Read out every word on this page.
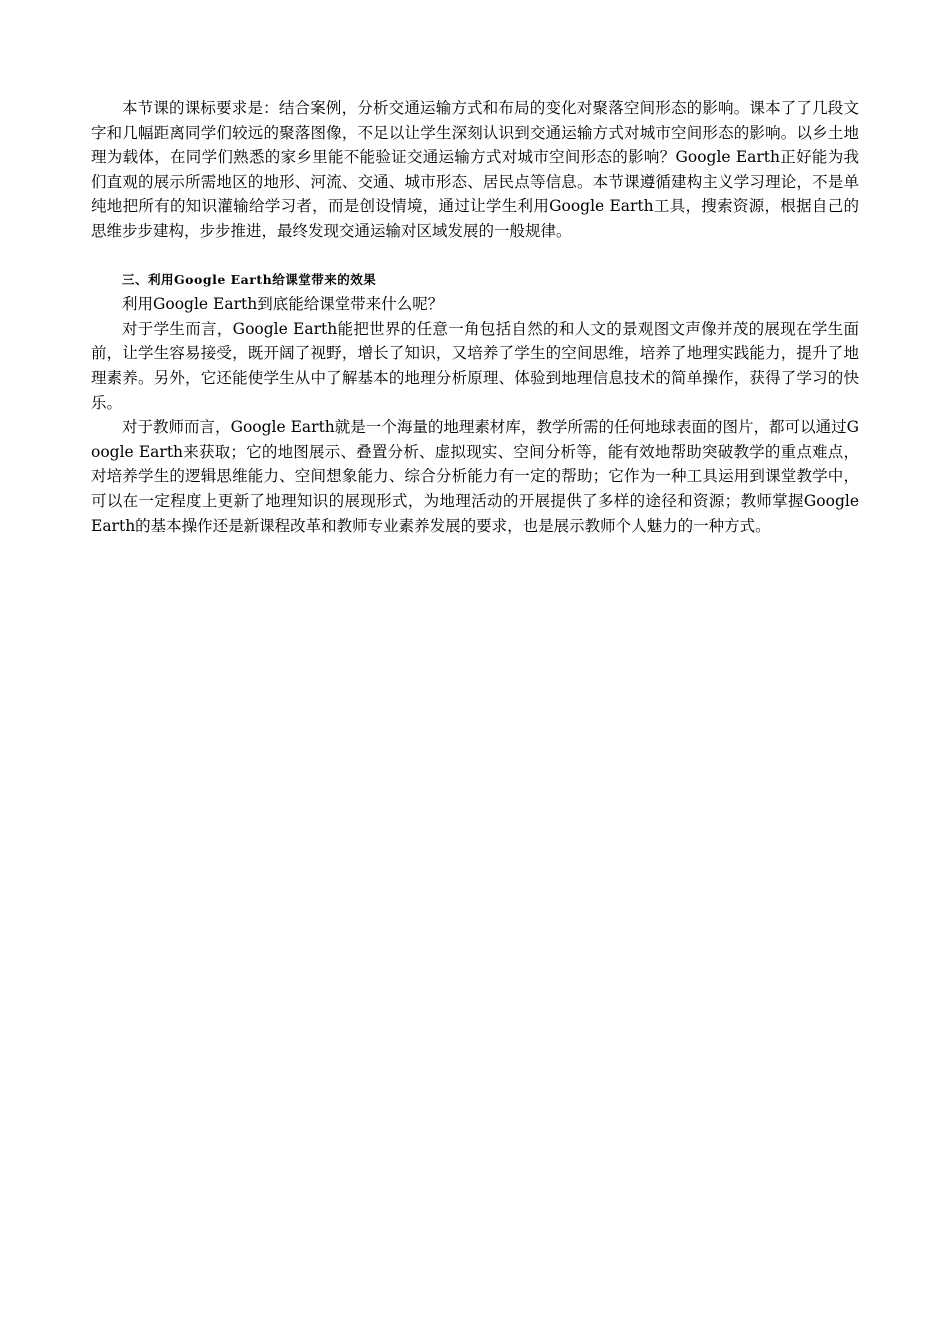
本节课的课标要求是：结合案例，分析交通运输方式和布局的变化对聚落空间形态的影响。课本了了几段文字和几幅距离同学们较远的聚落图像，不足以让学生深刻认识到交通运输方式对城市空间形态的影响。以乡土地理为载体，在同学们熟悉的家乡里能不能验证交通运输方式对城市空间形态的影响？Google Earth正好能为我们直观的展示所需地区的地形、河流、交通、城市形态、居民点等信息。本节课遵循建构主义学习理论，不是单纯地把所有的知识灌输给学习者，而是创设情境，通过让学生利用Google Earth工具，搜索资源，根据自己的思维步步建构，步步推进，最终发现交通运输对区域发展的一般规律。

三、利用Google Earth给课堂带来的效果

利用Google Earth到底能给课堂带来什么呢？

对于学生而言，Google Earth能把世界的任意一角包括自然的和人文的景观图文声像并茂的展现在学生面前，让学生容易接受，既开阔了视野，增长了知识，又培养了学生的空间思维，培养了地理实践能力，提升了地理素养。另外，它还能使学生从中了解基本的地理分析原理、体验到地理信息技术的简单操作，获得了学习的快乐。

对于教师而言，Google Earth就是一个海量的地理素材库，教学所需的任何地球表面的图片，都可以通过Google Earth来获取；它的地图展示、叠置分析、虚拟现实、空间分析等，能有效地帮助突破教学的重点难点，对培养学生的逻辑思维能力、空间想象能力、综合分析能力有一定的帮助；它作为一种工具运用到课堂教学中，可以在一定程度上更新了地理知识的展现形式，为地理活动的开展提供了多样的途径和资源；教师掌握Google Earth的基本操作还是新课程改革和教师专业素养发展的要求，也是展示教师个人魅力的一种方式。
